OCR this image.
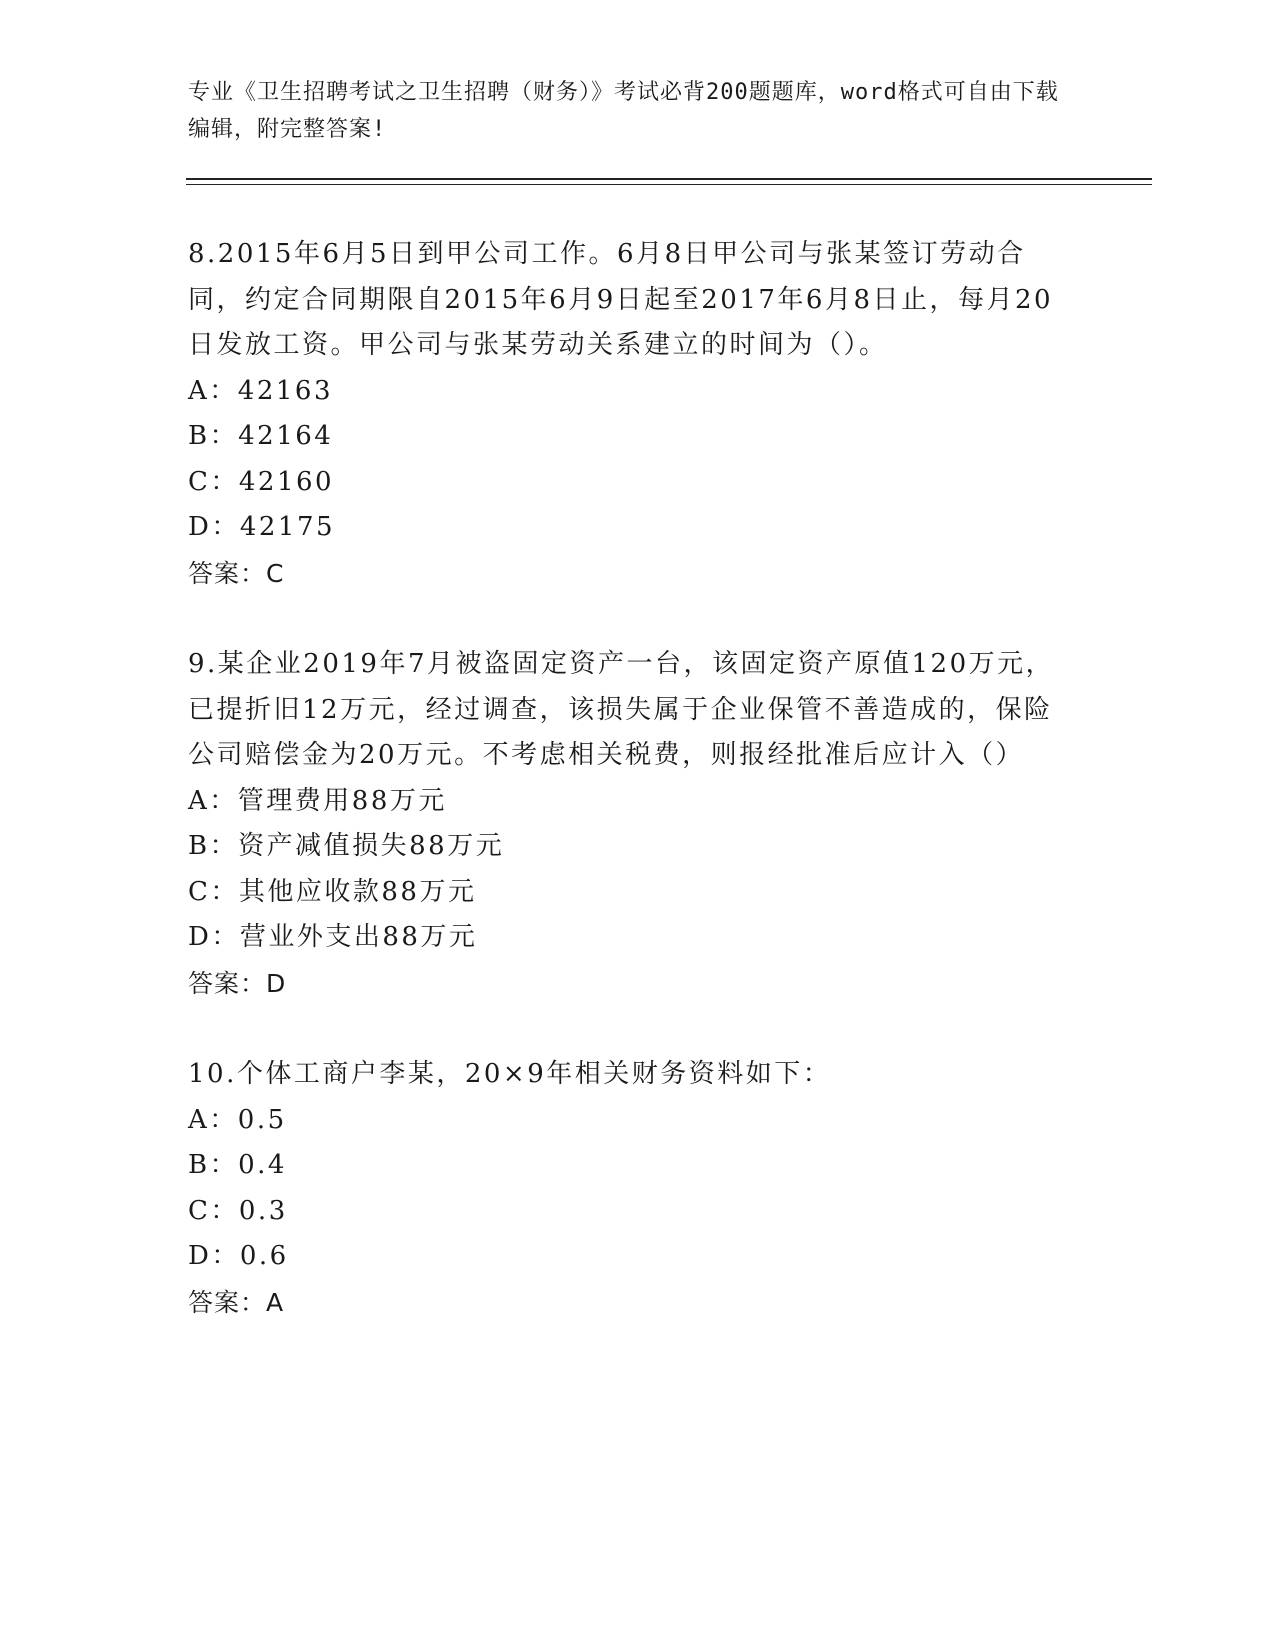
专业《卫生招聘考试之卫生招聘（财务）》考试必背200题题库，word格式可自由下载编辑，附完整答案!

8.2015年6月5日到甲公司工作。6月8日甲公司与张某签订劳动合同，约定合同期限自2015年6月9日起至2017年6月8日止，每月20日发放工资。甲公司与张某劳动关系建立的时间为（）。

A：42163

B：42164

C：42160

D：42175

答案：C

9.某企业2019年7月被盗固定资产一台，该固定资产原值120万元，已提折旧12万元，经过调查，该损失属于企业保管不善造成的，保险公司赔偿金为20万元。不考虑相关税费，则报经批准后应计入（）

A：管理费用88万元

B：资产减值损失88万元

C：其他应收款88万元

D：营业外支出88万元

答案：D

10.个体工商户李某，20×9年相关财务资料如下：

A：0.5

B：0.4

C：0.3

D：0.6

答案：A
